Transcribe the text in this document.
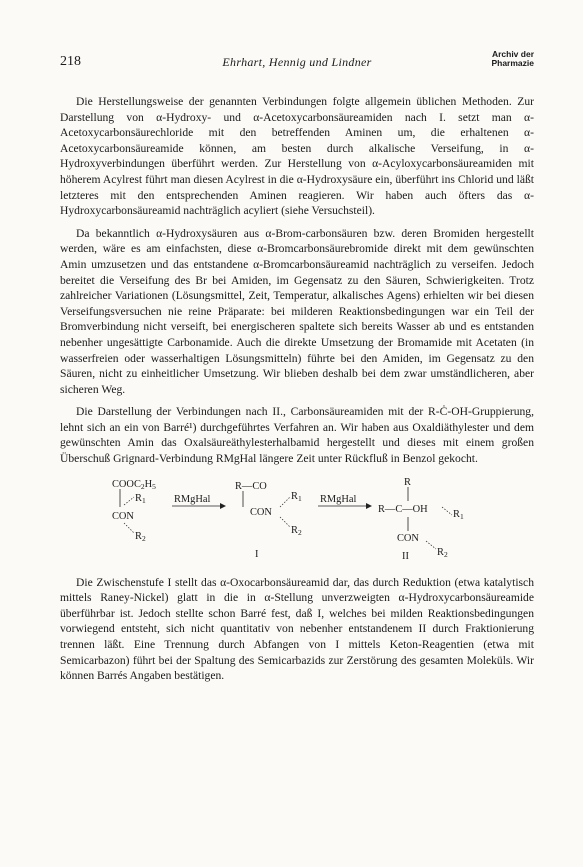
218	Ehrhart, Hennig und Lindner
Archiv der
Pharmazie

Die Herstellungsweise der genannten Verbindungen folgte allgemein üblichen Methoden. Zur Darstellung von α-Hydroxy- und α-Acetoxycarbonsäureamiden nach I. setzt man α-Acetoxycarbonsäurechloride mit den betreffenden Aminen um, die erhaltenen α-Acetoxycarbonsäureamide können, am besten durch alkalische Verseifung, in α-Hydroxyverbindungen überführt werden. Zur Herstellung von α-Acyloxycarbonsäureamiden mit höherem Acylrest führt man diesen Acylrest in die α-Hydroxysäure ein, überführt ins Chlorid und läßt letzteres mit den entsprechenden Aminen reagieren. Wir haben auch öfters das α-Hydroxycarbonsäureamid nachträglich acyliert (siehe Versuchsteil).

Da bekanntlich α-Hydroxysäuren aus α-Brom-carbonsäuren bzw. deren Bromiden hergestellt werden, wäre es am einfachsten, diese α-Bromcarbonsäurebromide direkt mit dem gewünschten Amin umzusetzen und das entstandene α-Bromcarbonsäureamid nachträglich zu verseifen. Jedoch bereitet die Verseifung des Br bei Amiden, im Gegensatz zu den Säuren, Schwierigkeiten. Trotz zahlreicher Variationen (Lösungsmittel, Zeit, Temperatur, alkalisches Agens) erhielten wir bei diesen Verseifungsversuchen nie reine Präparate: bei milderen Reaktionsbedingungen war ein Teil der Bromverbindung nicht verseift, bei energischeren spaltete sich bereits Wasser ab und es entstanden nebenher ungesättigte Carbonamide. Auch die direkte Umsetzung der Bromamide mit Acetaten (in wasserfreien oder wasserhaltigen Lösungsmitteln) führte bei den Amiden, im Gegensatz zu den Säuren, nicht zu einheitlicher Umsetzung. Wir blieben deshalb bei dem zwar umständlicheren, aber sicheren Weg.

Die Darstellung der Verbindungen nach II., Carbonsäureamiden mit der R-Ċ-OH-Gruppierung, lehnt sich an ein von Barré¹) durchgeführtes Verfahren an. Wir haben aus Oxaldiäthylester und dem gewünschten Amin das Oxalsäureäthylesterhalbamid hergestellt und dieses mit einem großen Überschuß Grignard-Verbindung RMgHal längere Zeit unter Rückfluß in Benzol gekocht.

$COOC_2H_5$
$R_1$
CON
$R_2$
RMgHal
R—CO
$R_1$
CON
$R_2$
I
RMgHal
R
R—C—OH $R_1$
CON
$R_2$
II

Die Zwischenstufe I stellt das α-Oxocarbonsäureamid dar, das durch Reduktion (etwa katalytisch mittels Raney-Nickel) glatt in die in α-Stellung unverzweigten α-Hydroxycarbonsäureamide überführbar ist. Jedoch stellte schon Barré fest, daß I, welches bei milden Reaktionsbedingungen vorwiegend entsteht, sich nicht quantitativ von nebenher entstandenem II durch Fraktionierung trennen läßt. Eine Trennung durch Abfangen von I mittels Keton-Reagentien (etwa mit Semicarbazon) führt bei der Spaltung des Semicarbazids zur Zerstörung des gesamten Moleküls. Wir können Barrés Angaben bestätigen.
